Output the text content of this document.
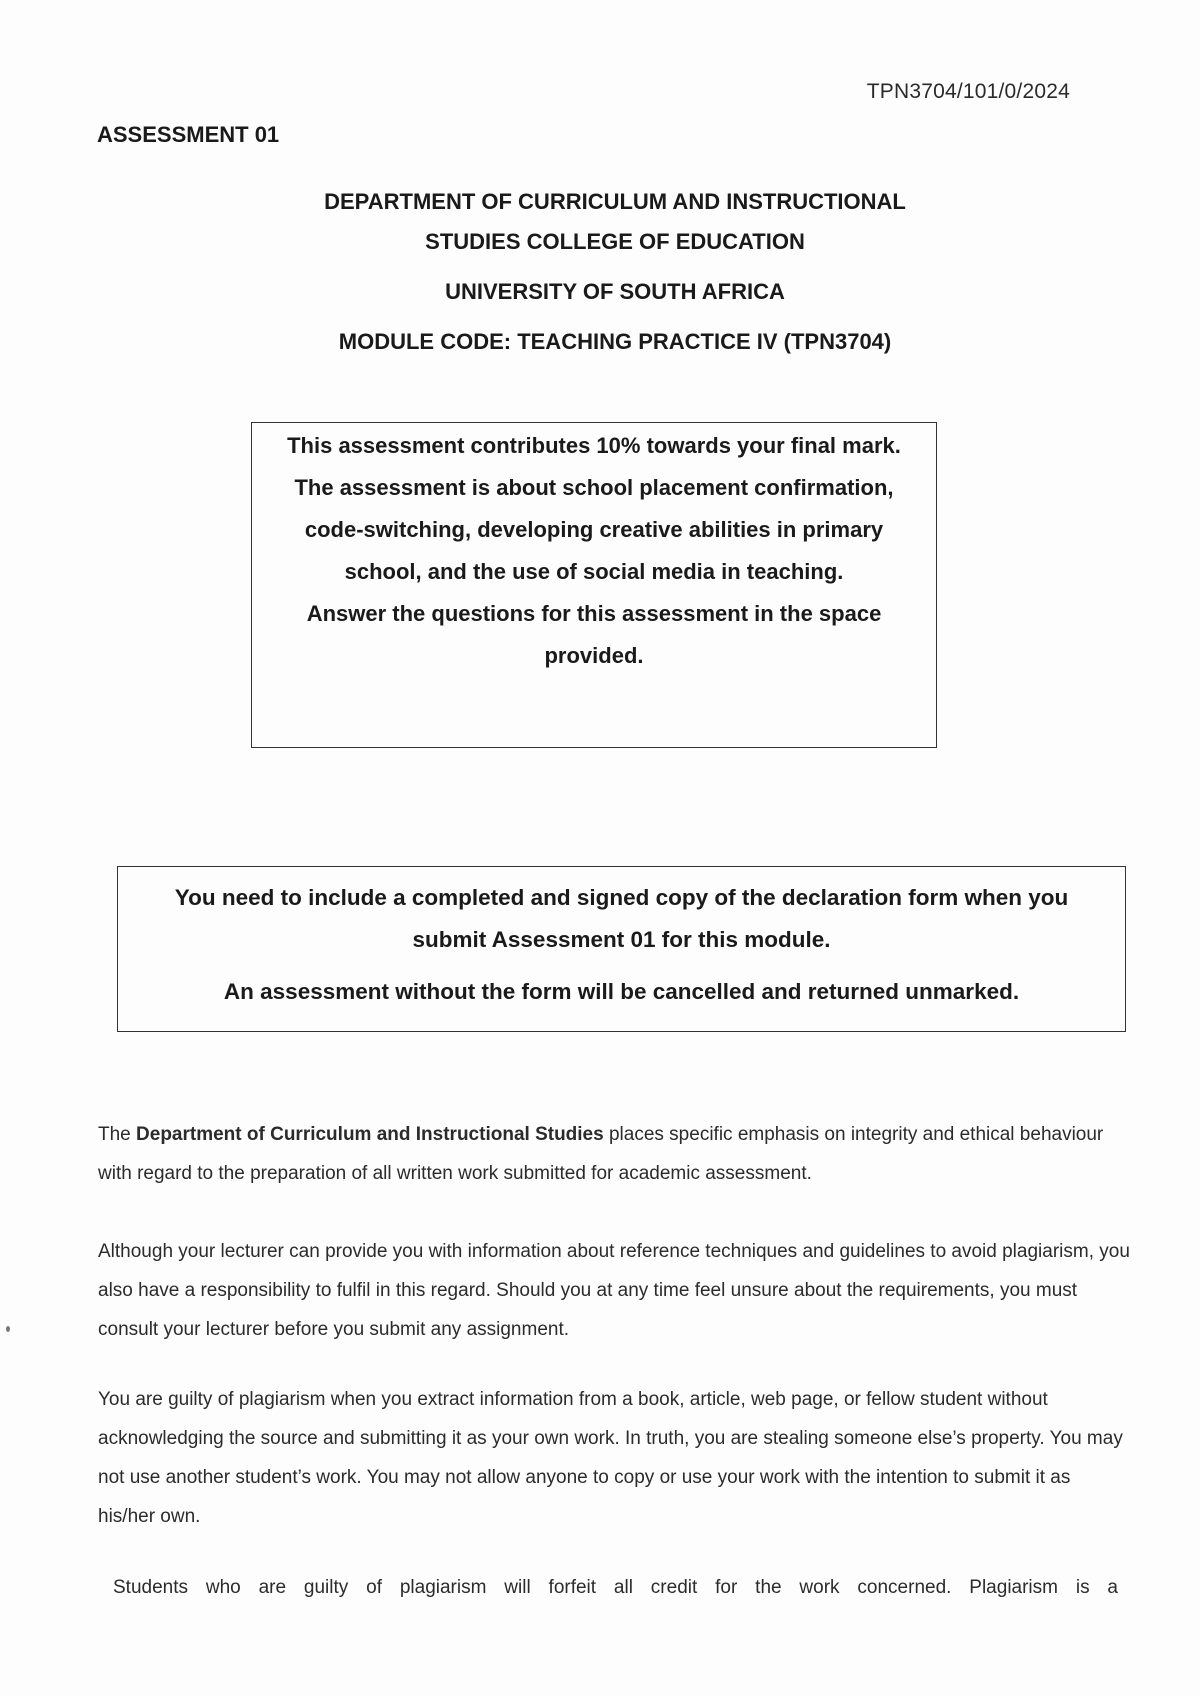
TPN3704/101/0/2024
ASSESSMENT 01
DEPARTMENT OF CURRICULUM AND INSTRUCTIONAL
STUDIES COLLEGE OF EDUCATION
UNIVERSITY OF SOUTH AFRICA
MODULE CODE: TEACHING PRACTICE IV (TPN3704)

This assessment contributes 10% towards your final mark.

The assessment is about school placement confirmation, code-switching, developing creative abilities in primary school, and the use of social media in teaching.

Answer the questions for this assessment in the space provided.

You need to include a completed and signed copy of the declaration form when you submit Assessment 01 for this module.

An assessment without the form will be cancelled and returned unmarked.

The Department of Curriculum and Instructional Studies places specific emphasis on integrity and ethical behaviour with regard to the preparation of all written work submitted for academic assessment.

Although your lecturer can provide you with information about reference techniques and guidelines to avoid plagiarism, you also have a responsibility to fulfil in this regard. Should you at any time feel unsure about the requirements, you must consult your lecturer before you submit any assignment.

You are guilty of plagiarism when you extract information from a book, article, web page, or fellow student without acknowledging the source and submitting it as your own work. In truth, you are stealing someone else’s property. You may not use another student’s work. You may not allow anyone to copy or use your work with the intention to submit it as his/her own.

Students who are guilty of plagiarism will forfeit all credit for the work concerned. Plagiarism is a
